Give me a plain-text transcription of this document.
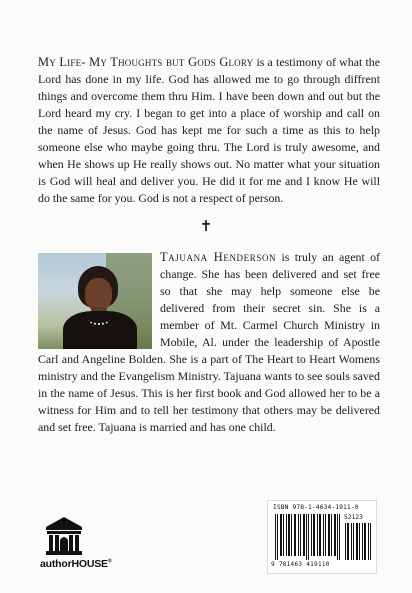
My Life- My Thoughts but Gods Glory is a testimony of what the Lord has done in my life. God has allowed me to go through diffrent things and overcome them thru Him. I have been down and out but the Lord heard my cry. I began to get into a place of worship and call on the name of Jesus. God has kept me for such a time as this to help someone else who maybe going thru. The Lord is truly awesome, and when He shows up He really shows out. No matter what your situation is God will heal and deliver you. He did it for me and I know He will do the same for you. God is not a respect of person.

✝

Tajuana Henderson is truly an agent of change. She has been delivered and set free so that she may help someone else be delivered from their secret sin. She is a member of Mt. Carmel Church Ministry in Mobile, Al. under the leadership of Apostle Carl and Angeline Bolden. She is a part of The Heart to Heart Womens ministry and the Evangelism Ministry. Tajuana wants to see souls saved in the name of Jesus. This is her first book and God allowed her to be a witness for Him and to tell her testimony that others may be delivered and set free. Tajuana is married and has one child.

authorHOUSE®
ISBN 978-1-4634-1911-0
52123
9 781463 419110
